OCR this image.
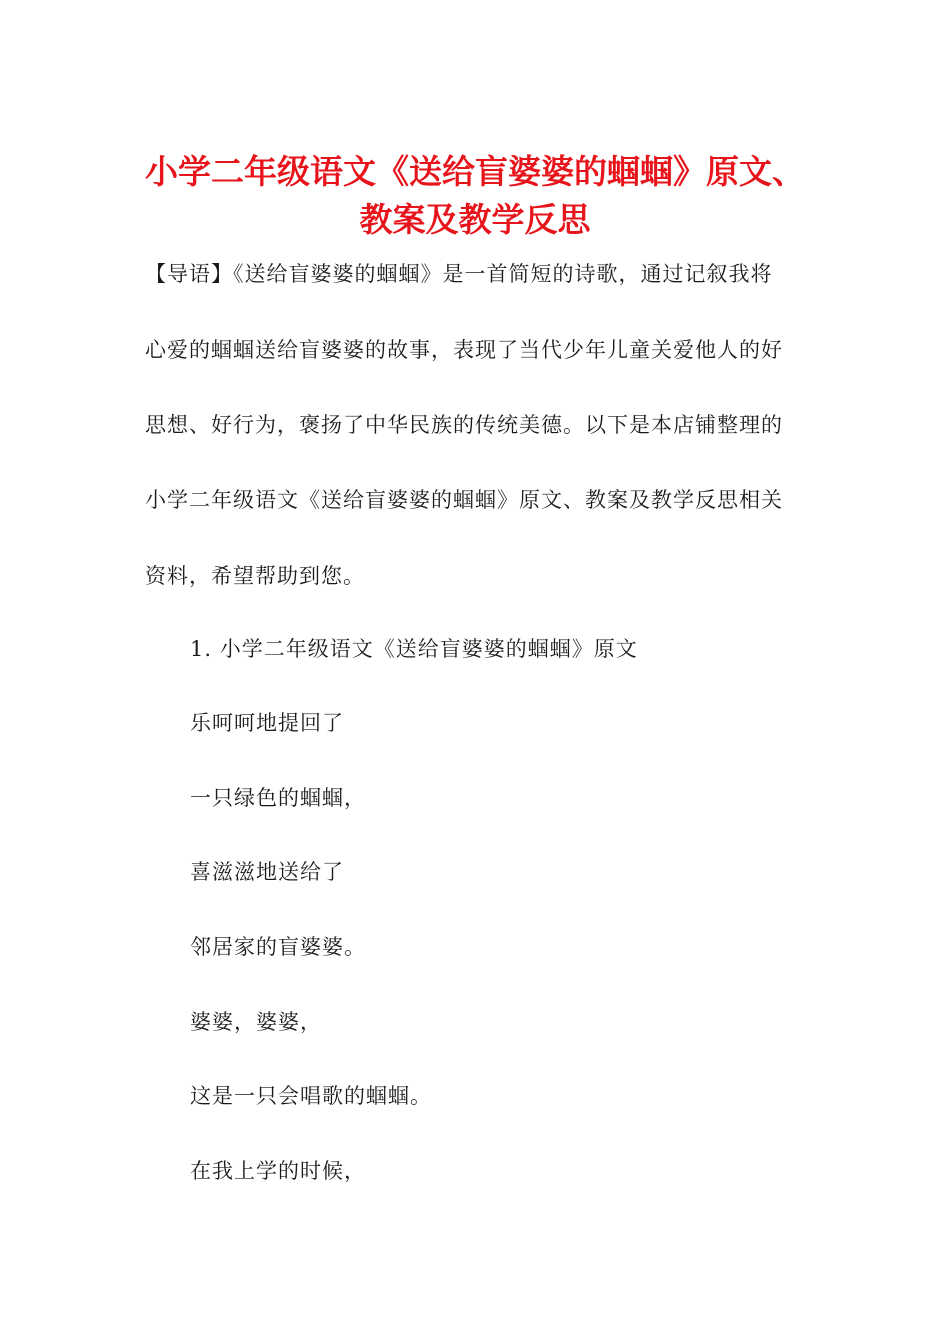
小学二年级语文《送给盲婆婆的蝈蝈》原文、
教案及教学反思
【导语】《送给盲婆婆的蝈蝈》是一首简短的诗歌，通过记叙我将
心爱的蝈蝈送给盲婆婆的故事，表现了当代少年儿童关爱他人的好
思想、好行为，褒扬了中华民族的传统美德。以下是本店铺整理的
小学二年级语文《送给盲婆婆的蝈蝈》原文、教案及教学反思相关
资料，希望帮助到您。
1. 小学二年级语文《送给盲婆婆的蝈蝈》原文
乐呵呵地提回了
一只绿色的蝈蝈，
喜滋滋地送给了
邻居家的盲婆婆。
婆婆，婆婆，
这是一只会唱歌的蝈蝈。
在我上学的时候，
